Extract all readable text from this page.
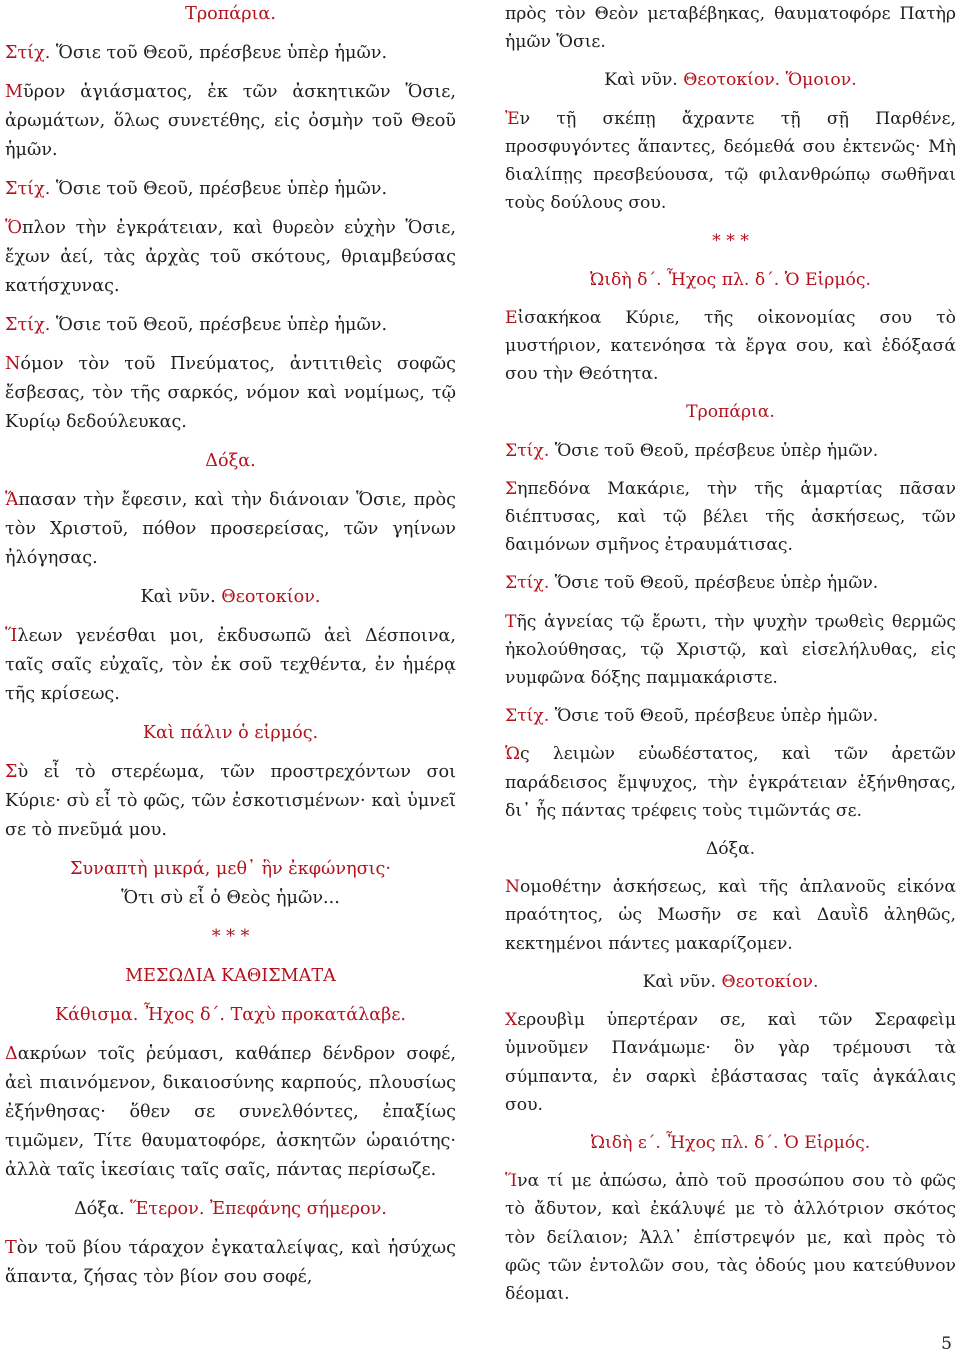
Τροπάρια.

Στίχ. Ὅσιε τοῦ Θεοῦ, πρέσβευε ὑπὲρ ἡμῶν.

Μῦρον ἁγιάσματος, ἐκ τῶν ἀσκητικῶν Ὅσιε, ἀρωμάτων, ὅλως συνετέθης, εἰς ὀσμὴν τοῦ Θεοῦ ἡμῶν.

Στίχ. Ὅσιε τοῦ Θεοῦ, πρέσβευε ὑπὲρ ἡμῶν.

Ὅπλον τὴν ἐγκράτειαν, καὶ θυρεὸν εὐχὴν Ὅσιε, ἔχων ἀεί, τὰς ἀρχὰς τοῦ σκότους, θριαμβεύσας κατήσχυνας.

Στίχ. Ὅσιε τοῦ Θεοῦ, πρέσβευε ὑπὲρ ἡμῶν.

Νόμον τὸν τοῦ Πνεύματος, ἀντιτιθεὶς σοφῶς ἔσβεσας, τὸν τῆς σαρκός, νόμον καὶ νομίμως, τῷ Κυρίῳ δεδούλευκας.

Δόξα.

Ἅπασαν τὴν ἔφεσιν, καὶ τὴν διάνοιαν Ὅσιε, πρὸς τὸν Χριστοῦ, πόθον προσερείσας, τῶν γηίνων ἠλόγησας.

Καὶ νῦν. Θεοτοκίον.

Ἵλεων γενέσθαι μοι, ἐκδυσωπῶ ἀεὶ Δέσποινα, ταῖς σαῖς εὐχαῖς, τὸν ἐκ σοῦ τεχθέντα, ἐν ἡμέρᾳ τῆς κρίσεως.

Καὶ πάλιν ὁ εἱρμός.

Σὺ εἶ τὸ στερέωμα, τῶν προστρεχόντων σοι Κύριε· σὺ εἶ τὸ φῶς, τῶν ἐσκοτισμένων· καὶ ὑμνεῖ σε τὸ πνεῦμά μου.

Συναπτὴ μικρά, μεθ᾽ ἣν ἐκφώνησις·
Ὅτι σὺ εἶ ὁ Θεὸς ἡμῶν...
* * *
ΜΕΣΩΔΙΑ ΚΑΘΙΣΜΑΤΑ
Κάθισμα. Ἦχος δ΄. Ταχὺ προκατάλαβε.

Δακρύων τοῖς ῥεύμασι, καθάπερ δένδρον σοφέ, ἀεὶ πιαινόμενον, δικαιοσύνης καρπούς, πλουσίως ἐξήνθησας· ὅθεν σε συνελθόντες, ἐπαξίως τιμῶμεν, Τίτε θαυματοφόρε, ἀσκητῶν ὡραιότης· ἀλλὰ ταῖς ἱκεσίαις ταῖς σαῖς, πάντας περίσωζε.

Δόξα. Ἕτερον. Ἐπεφάνης σήμερον.

Τὸν τοῦ βίου τάραχον ἐγκαταλείψας, καὶ ἡσύχως ἅπαντα, ζήσας τὸν βίον σου σοφέ,

πρὸς τὸν Θεὸν μεταβέβηκας, θαυματοφόρε Πατὴρ ἡμῶν Ὅσιε.

Καὶ νῦν. Θεοτοκίον. Ὅμοιον.

Ἐν τῇ σκέπῃ ἄχραντε τῇ σῇ Παρθένε, προσφυγόντες ἅπαντες, δεόμεθά σου ἐκτενῶς· Μὴ διαλίπῃς πρεσβεύουσα, τῷ φιλανθρώπῳ σωθῆναι τοὺς δούλους σου.

* * *
Ὠιδὴ δ΄. Ἦχος πλ. δ΄. Ὁ Εἱρμός.

Εἰσακήκοα Κύριε, τῆς οἰκονομίας σου τὸ μυστήριον, κατενόησα τὰ ἔργα σου, καὶ ἐδόξασά σου τὴν Θεότητα.

Τροπάρια.

Στίχ. Ὅσιε τοῦ Θεοῦ, πρέσβευε ὑπὲρ ἡμῶν.

Σηπεδόνα Μακάριε, τὴν τῆς ἁμαρτίας πᾶσαν διέπτυσας, καὶ τῷ βέλει τῆς ἀσκήσεως, τῶν δαιμόνων σμῆνος ἐτραυμάτισας.

Στίχ. Ὅσιε τοῦ Θεοῦ, πρέσβευε ὑπὲρ ἡμῶν.

Τῆς ἁγνείας τῷ ἔρωτι, τὴν ψυχὴν τρωθεὶς θερμῶς ἠκολούθησας, τῷ Χριστῷ, καὶ εἰσελήλυθας, εἰς νυμφῶνα δόξης παμμακάριστε.

Στίχ. Ὅσιε τοῦ Θεοῦ, πρέσβευε ὑπὲρ ἡμῶν.

Ὡς λειμὼν εὐωδέστατος, καὶ τῶν ἀρετῶν παράδεισος ἔμψυχος, τὴν ἐγκράτειαν ἐξήνθησας, δι᾽ ἧς πάντας τρέφεις τοὺς τιμῶντάς σε.

Δόξα.

Νομοθέτην ἀσκήσεως, καὶ τῆς ἀπλανοῦς εἰκόνα πραότητος, ὡς Μωσῆν σε καὶ Δαυῒδ ἀληθῶς, κεκτημένοι πάντες μακαρίζομεν.

Καὶ νῦν. Θεοτοκίον.

Χερουβὶμ ὑπερτέραν σε, καὶ τῶν Σεραφεὶμ ὑμνοῦμεν Πανάμωμε· ὃν γὰρ τρέμουσι τὰ σύμπαντα, ἐν σαρκὶ ἐβάστασας ταῖς ἀγκάλαις σου.

Ὠιδὴ ε΄. Ἦχος πλ. δ΄. Ὁ Εἱρμός.

Ἵνα τί με ἀπώσω, ἀπὸ τοῦ προσώπου σου τὸ φῶς τὸ ἄδυτον, καὶ ἐκάλυψέ με τὸ ἀλλότριον σκότος τὸν δείλαιον; Ἀλλ᾽ ἐπίστρεψόν με, καὶ πρὸς τὸ φῶς τῶν ἐντολῶν σου, τὰς ὁδούς μου κατεύθυνον δέομαι.

5
